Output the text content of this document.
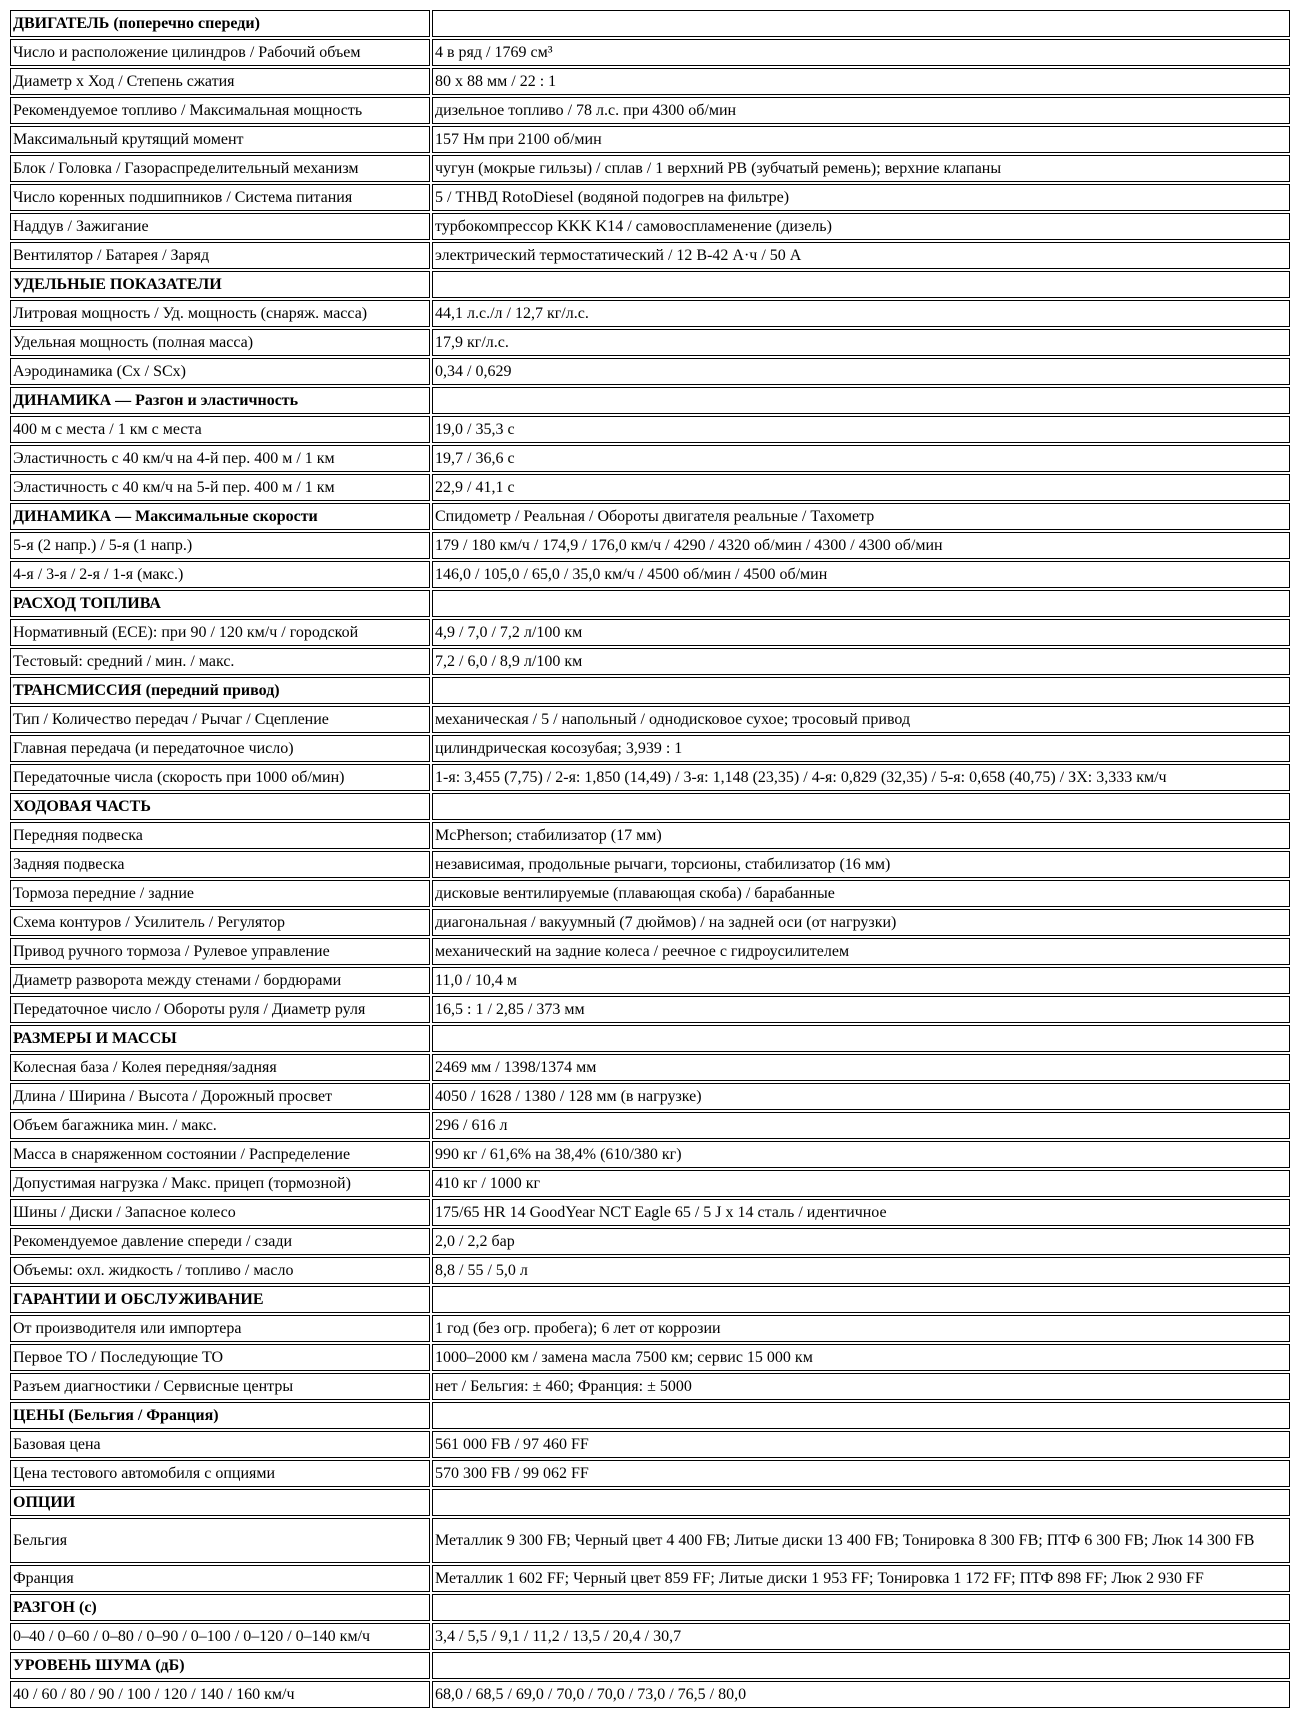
ДВИГАТЕЛЬ (поперечно спереди)	
Число и расположение цилиндров / Рабочий объем	4 в ряд / 1769 см³
Диаметр х Ход / Степень сжатия	80 х 88 мм / 22 : 1
Рекомендуемое топливо / Максимальная мощность	дизельное топливо / 78 л.с. при 4300 об/мин
Максимальный крутящий момент	157 Нм при 2100 об/мин
Блок / Головка / Газораспределительный механизм	чугун (мокрые гильзы) / сплав / 1 верхний РВ (зубчатый ремень); верхние клапаны
Число коренных подшипников / Система питания	5 / ТНВД RotoDiesel (водяной подогрев на фильтре)
Наддув / Зажигание	турбокомпрессор KKK K14 / самовоспламенение (дизель)
Вентилятор / Батарея / Заряд	электрический термостатический / 12 В-42 А·ч / 50 А
УДЕЛЬНЫЕ ПОКАЗАТЕЛИ	
Литровая мощность / Уд. мощность (снаряж. масса)	44,1 л.с./л / 12,7 кг/л.с.
Удельная мощность (полная масса)	17,9 кг/л.с.
Аэродинамика (Сх / SCх)	0,34 / 0,629
ДИНАМИКА — Разгон и эластичность	
400 м с места / 1 км с места	19,0 / 35,3 с
Эластичность с 40 км/ч на 4-й пер. 400 м / 1 км	19,7 / 36,6 с
Эластичность с 40 км/ч на 5-й пер. 400 м / 1 км	22,9 / 41,1 с
ДИНАМИКА — Максимальные скорости	Спидометр / Реальная / Обороты двигателя реальные / Тахометр
5-я (2 напр.) / 5-я (1 напр.)	179 / 180 км/ч / 174,9 / 176,0 км/ч / 4290 / 4320 об/мин / 4300 / 4300 об/мин
4-я / 3-я / 2-я / 1-я (макс.)	146,0 / 105,0 / 65,0 / 35,0 км/ч / 4500 об/мин / 4500 об/мин
РАСХОД ТОПЛИВА	
Нормативный (ЕСЕ): при 90 / 120 км/ч / городской	4,9 / 7,0 / 7,2 л/100 км
Тестовый: средний / мин. / макс.	7,2 / 6,0 / 8,9 л/100 км
ТРАНСМИССИЯ (передний привод)	
Тип / Количество передач / Рычаг / Сцепление	механическая / 5 / напольный / однодисковое сухое; тросовый привод
Главная передача (и передаточное число)	цилиндрическая косозубая; 3,939 : 1
Передаточные числа (скорость при 1000 об/мин)	1-я: 3,455 (7,75) / 2-я: 1,850 (14,49) / 3-я: 1,148 (23,35) / 4-я: 0,829 (32,35) / 5-я: 0,658 (40,75) / ЗХ: 3,333 км/ч
ХОДОВАЯ ЧАСТЬ	
Передняя подвеска	McPherson; стабилизатор (17 мм)
Задняя подвеска	независимая, продольные рычаги, торсионы, стабилизатор (16 мм)
Тормоза передние / задние	дисковые вентилируемые (плавающая скоба) / барабанные
Схема контуров / Усилитель / Регулятор	диагональная / вакуумный (7 дюймов) / на задней оси (от нагрузки)
Привод ручного тормоза / Рулевое управление	механический на задние колеса / реечное с гидроусилителем
Диаметр разворота между стенами / бордюрами	11,0 / 10,4 м
Передаточное число / Обороты руля / Диаметр руля	16,5 : 1 / 2,85 / 373 мм
РАЗМЕРЫ И МАССЫ	
Колесная база / Колея передняя/задняя	2469 мм / 1398/1374 мм
Длина / Ширина / Высота / Дорожный просвет	4050 / 1628 / 1380 / 128 мм (в нагрузке)
Объем багажника мин. / макс.	296 / 616 л
Масса в снаряженном состоянии / Распределение	990 кг / 61,6% на 38,4% (610/380 кг)
Допустимая нагрузка / Макс. прицеп (тормозной)	410 кг / 1000 кг
Шины / Диски / Запасное колесо	175/65 HR 14 GoodYear NCT Eagle 65 / 5 J x 14 сталь / идентичное
Рекомендуемое давление спереди / сзади	2,0 / 2,2 бар
Объемы: охл. жидкость / топливо / масло	8,8 / 55 / 5,0 л
ГАРАНТИИ И ОБСЛУЖИВАНИЕ	
От производителя или импортера	1 год (без огр. пробега); 6 лет от коррозии
Первое ТО / Последующие ТО	1000–2000 км / замена масла 7500 км; сервис 15 000 км
Разъем диагностики / Сервисные центры	нет / Бельгия: ± 460; Франция: ± 5000
ЦЕНЫ (Бельгия / Франция)	
Базовая цена	561 000 FB / 97 460 FF
Цена тестового автомобиля с опциями	570 300 FB / 99 062 FF
ОПЦИИ	
Бельгия	Металлик 9 300 FB; Черный цвет 4 400 FB; Литые диски 13 400 FB; Тонировка 8 300 FB; ПТФ 6 300 FB; Люк 14 300 FB
Франция	Металлик 1 602 FF; Черный цвет 859 FF; Литые диски 1 953 FF; Тонировка 1 172 FF; ПТФ 898 FF; Люк 2 930 FF
РАЗГОН (с)	
0–40 / 0–60 / 0–80 / 0–90 / 0–100 / 0–120 / 0–140 км/ч	3,4 / 5,5 / 9,1 / 11,2 / 13,5 / 20,4 / 30,7
УРОВЕНЬ ШУМА (дБ)	
40 / 60 / 80 / 90 / 100 / 120 / 140 / 160 км/ч	68,0 / 68,5 / 69,0 / 70,0 / 70,0 / 73,0 / 76,5 / 80,0
